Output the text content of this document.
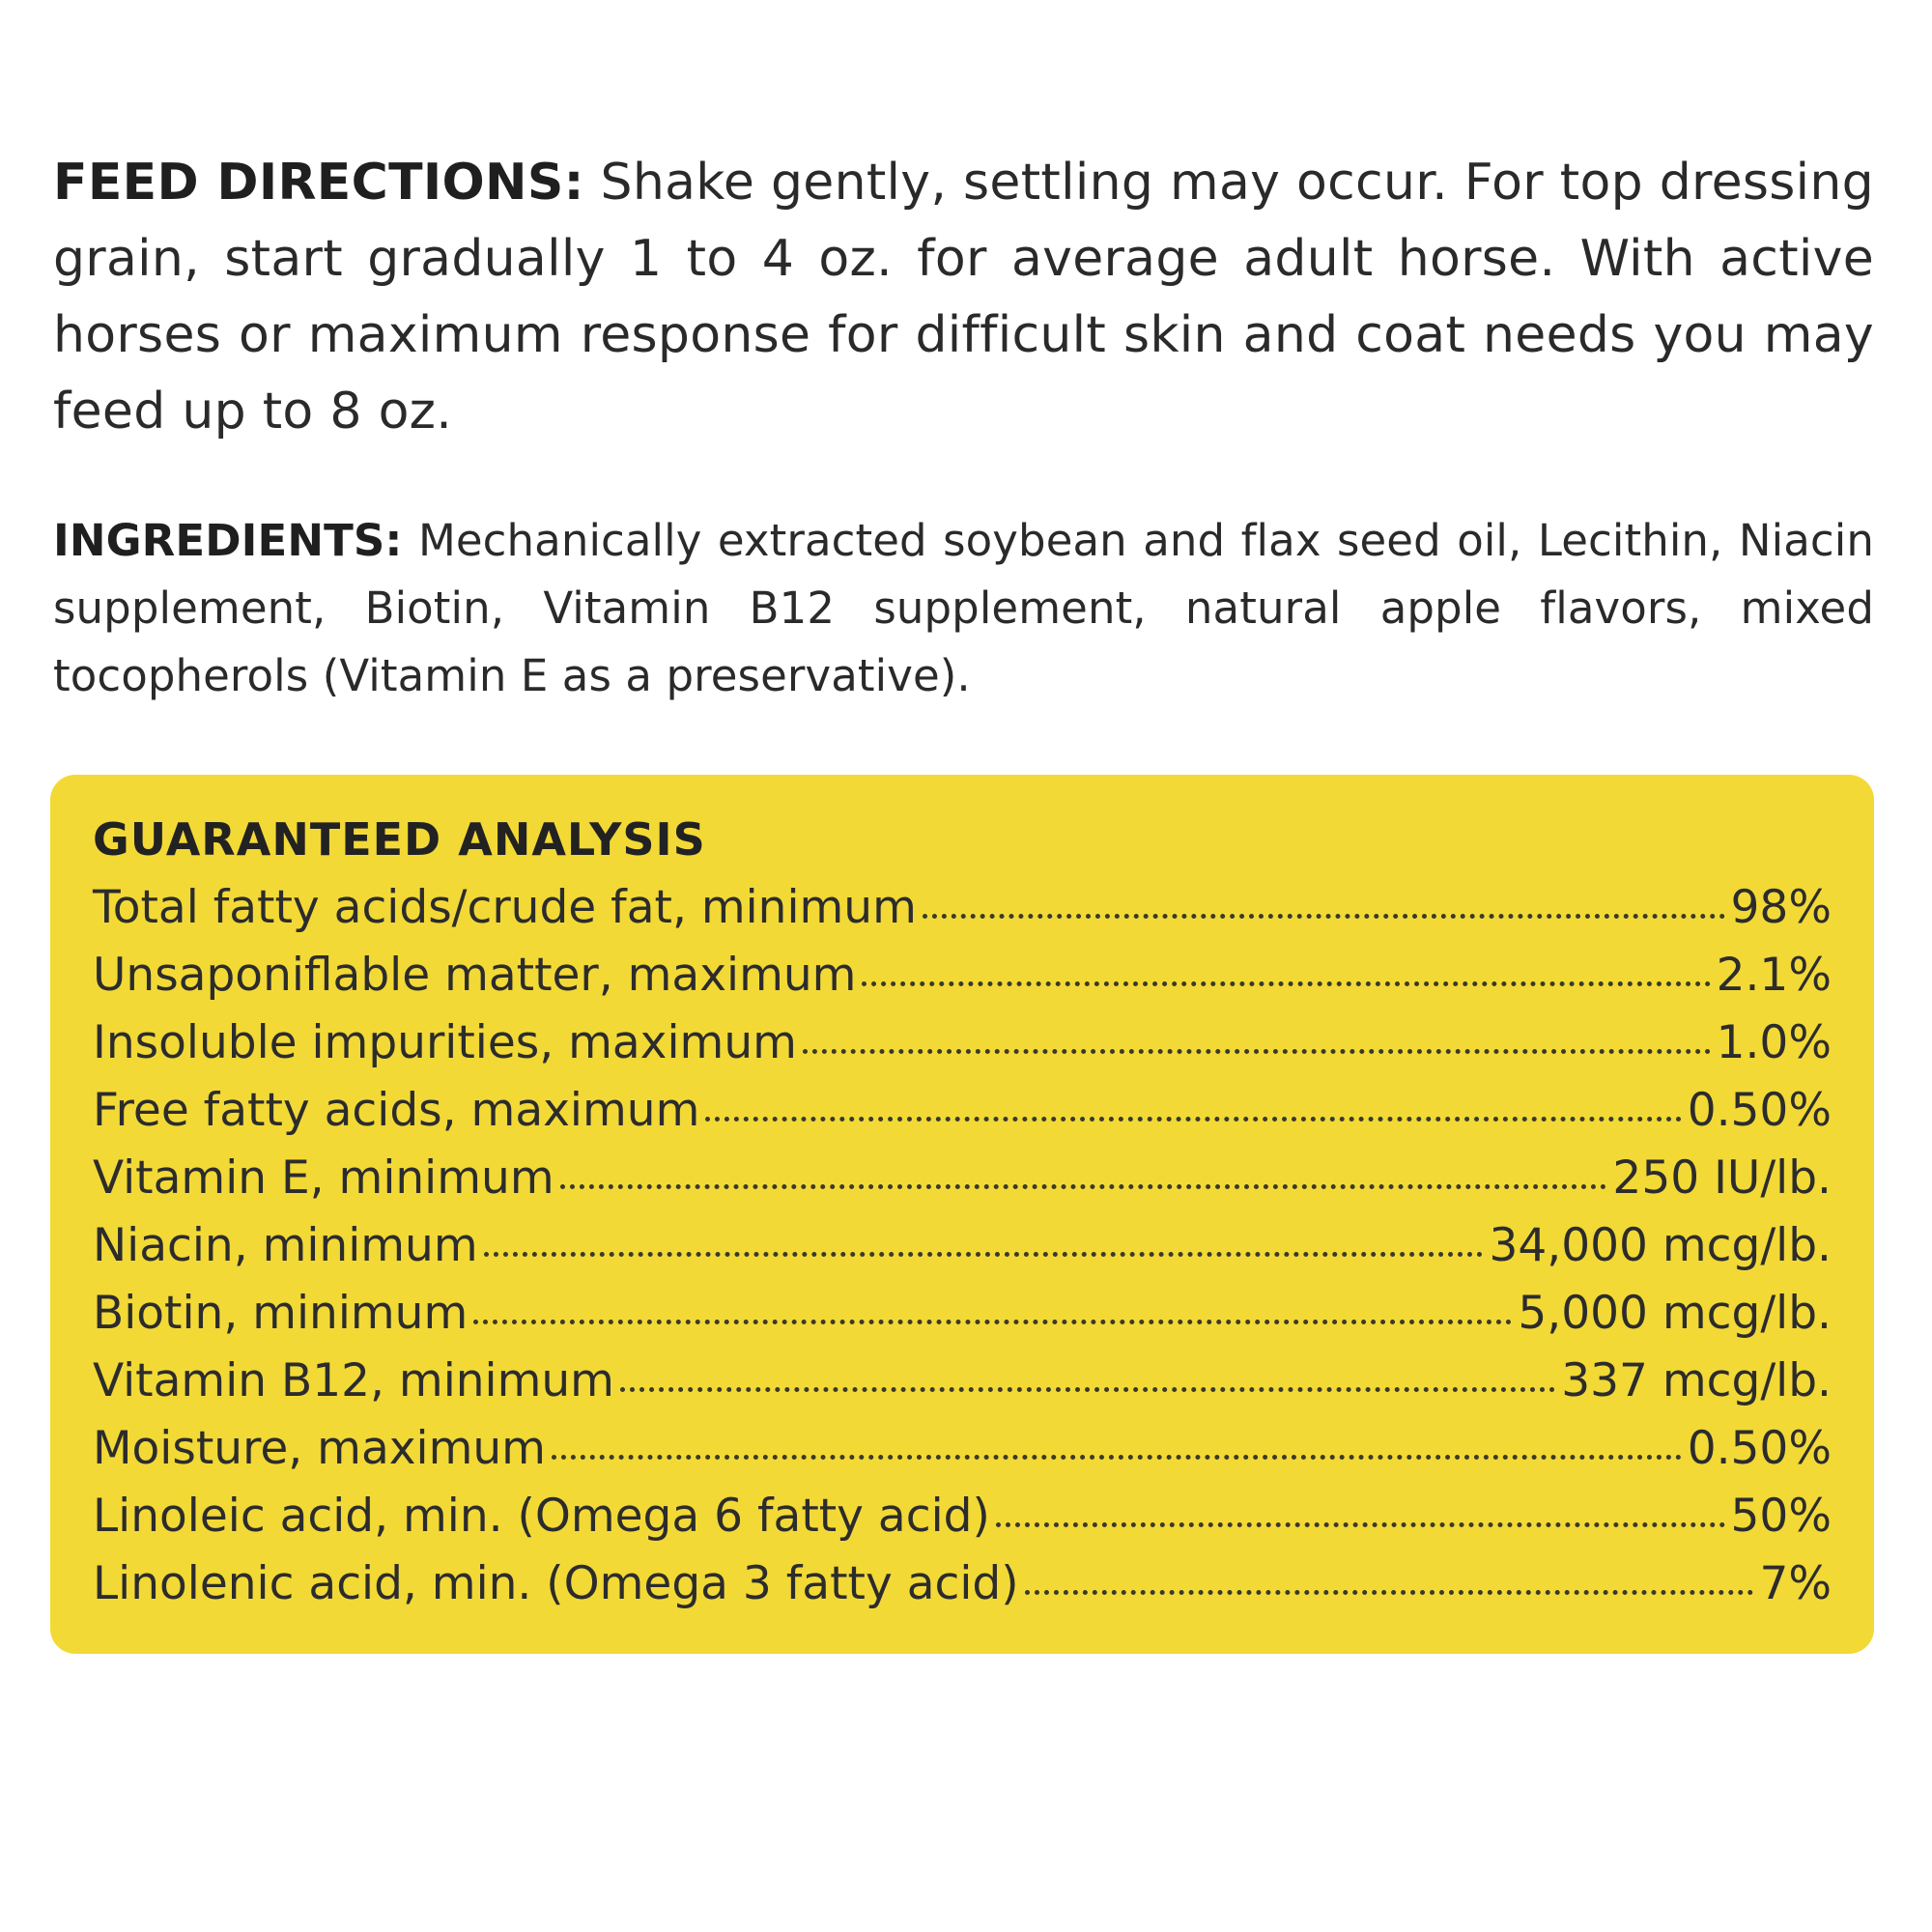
FEED DIRECTIONS: Shake gently, settling may occur. For top dressing grain, start gradually 1 to 4 oz. for average adult horse. With active horses or maximum response for difficult skin and coat needs you may feed up to 8 oz.

INGREDIENTS: Mechanically extracted soybean and flax seed oil, Lecithin, Niacin supplement, Biotin, Vitamin B12 supplement, natural apple flavors, mixed tocopherols (Vitamin E as a preservative).

GUARANTEED ANALYSIS
Total fatty acids/crude fat, minimum	98%
Unsaponiflable matter, maximum	2.1%
Insoluble impurities, maximum	1.0%
Free fatty acids, maximum	0.50%
Vitamin E, minimum	250 IU/lb.
Niacin, minimum	34,000 mcg/lb.
Biotin, minimum	5,000 mcg/lb.
Vitamin B12, minimum	337 mcg/lb.
Moisture, maximum	0.50%
Linoleic acid, min. (Omega 6 fatty acid)	50%
Linolenic acid, min. (Omega 3 fatty acid)	7%
